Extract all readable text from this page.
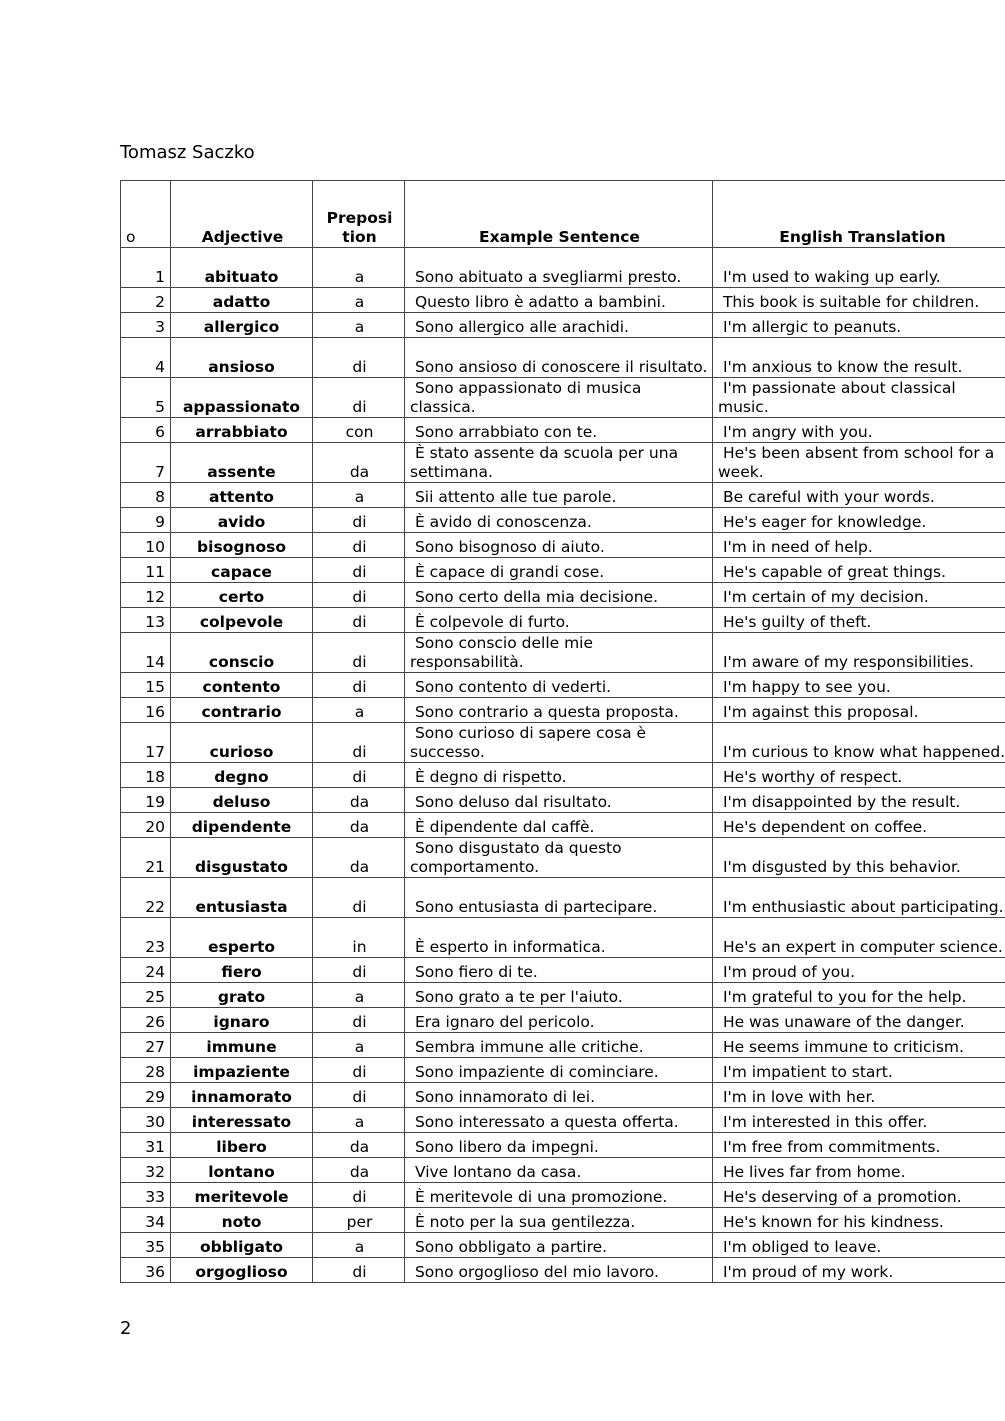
Tomasz Saczko
o	Adjective	Preposi tion	Example Sentence	English Translation
1	abituato	a	Sono abituato a svegliarmi presto.	I'm used to waking up early.
2	adatto	a	Questo libro è adatto a bambini.	This book is suitable for children.
3	allergico	a	Sono allergico alle arachidi.	I'm allergic to peanuts.
4	ansioso	di	Sono ansioso di conoscere il risultato.	I'm anxious to know the result.
5	appassionato	di	Sono appassionato di musica classica.	I'm passionate about classical music.
6	arrabbiato	con	Sono arrabbiato con te.	I'm angry with you.
7	assente	da	È stato assente da scuola per una settimana.	He's been absent from school for a week.
8	attento	a	Sii attento alle tue parole.	Be careful with your words.
9	avido	di	È avido di conoscenza.	He's eager for knowledge.
10	bisognoso	di	Sono bisognoso di aiuto.	I'm in need of help.
11	capace	di	È capace di grandi cose.	He's capable of great things.
12	certo	di	Sono certo della mia decisione.	I'm certain of my decision.
13	colpevole	di	È colpevole di furto.	He's guilty of theft.
14	conscio	di	Sono conscio delle mie responsabilità.	I'm aware of my responsibilities.
15	contento	di	Sono contento di vederti.	I'm happy to see you.
16	contrario	a	Sono contrario a questa proposta.	I'm against this proposal.
17	curioso	di	Sono curioso di sapere cosa è successo.	I'm curious to know what happened.
18	degno	di	È degno di rispetto.	He's worthy of respect.
19	deluso	da	Sono deluso dal risultato.	I'm disappointed by the result.
20	dipendente	da	È dipendente dal caffè.	He's dependent on coffee.
21	disgustato	da	Sono disgustato da questo comportamento.	I'm disgusted by this behavior.
22	entusiasta	di	Sono entusiasta di partecipare.	I'm enthusiastic about participating.
23	esperto	in	È esperto in informatica.	He's an expert in computer science.
24	fiero	di	Sono fiero di te.	I'm proud of you.
25	grato	a	Sono grato a te per l'aiuto.	I'm grateful to you for the help.
26	ignaro	di	Era ignaro del pericolo.	He was unaware of the danger.
27	immune	a	Sembra immune alle critiche.	He seems immune to criticism.
28	impaziente	di	Sono impaziente di cominciare.	I'm impatient to start.
29	innamorato	di	Sono innamorato di lei.	I'm in love with her.
30	interessato	a	Sono interessato a questa offerta.	I'm interested in this offer.
31	libero	da	Sono libero da impegni.	I'm free from commitments.
32	lontano	da	Vive lontano da casa.	He lives far from home.
33	meritevole	di	È meritevole di una promozione.	He's deserving of a promotion.
34	noto	per	È noto per la sua gentilezza.	He's known for his kindness.
35	obbligato	a	Sono obbligato a partire.	I'm obliged to leave.
36	orgoglioso	di	Sono orgoglioso del mio lavoro.	I'm proud of my work.
2
